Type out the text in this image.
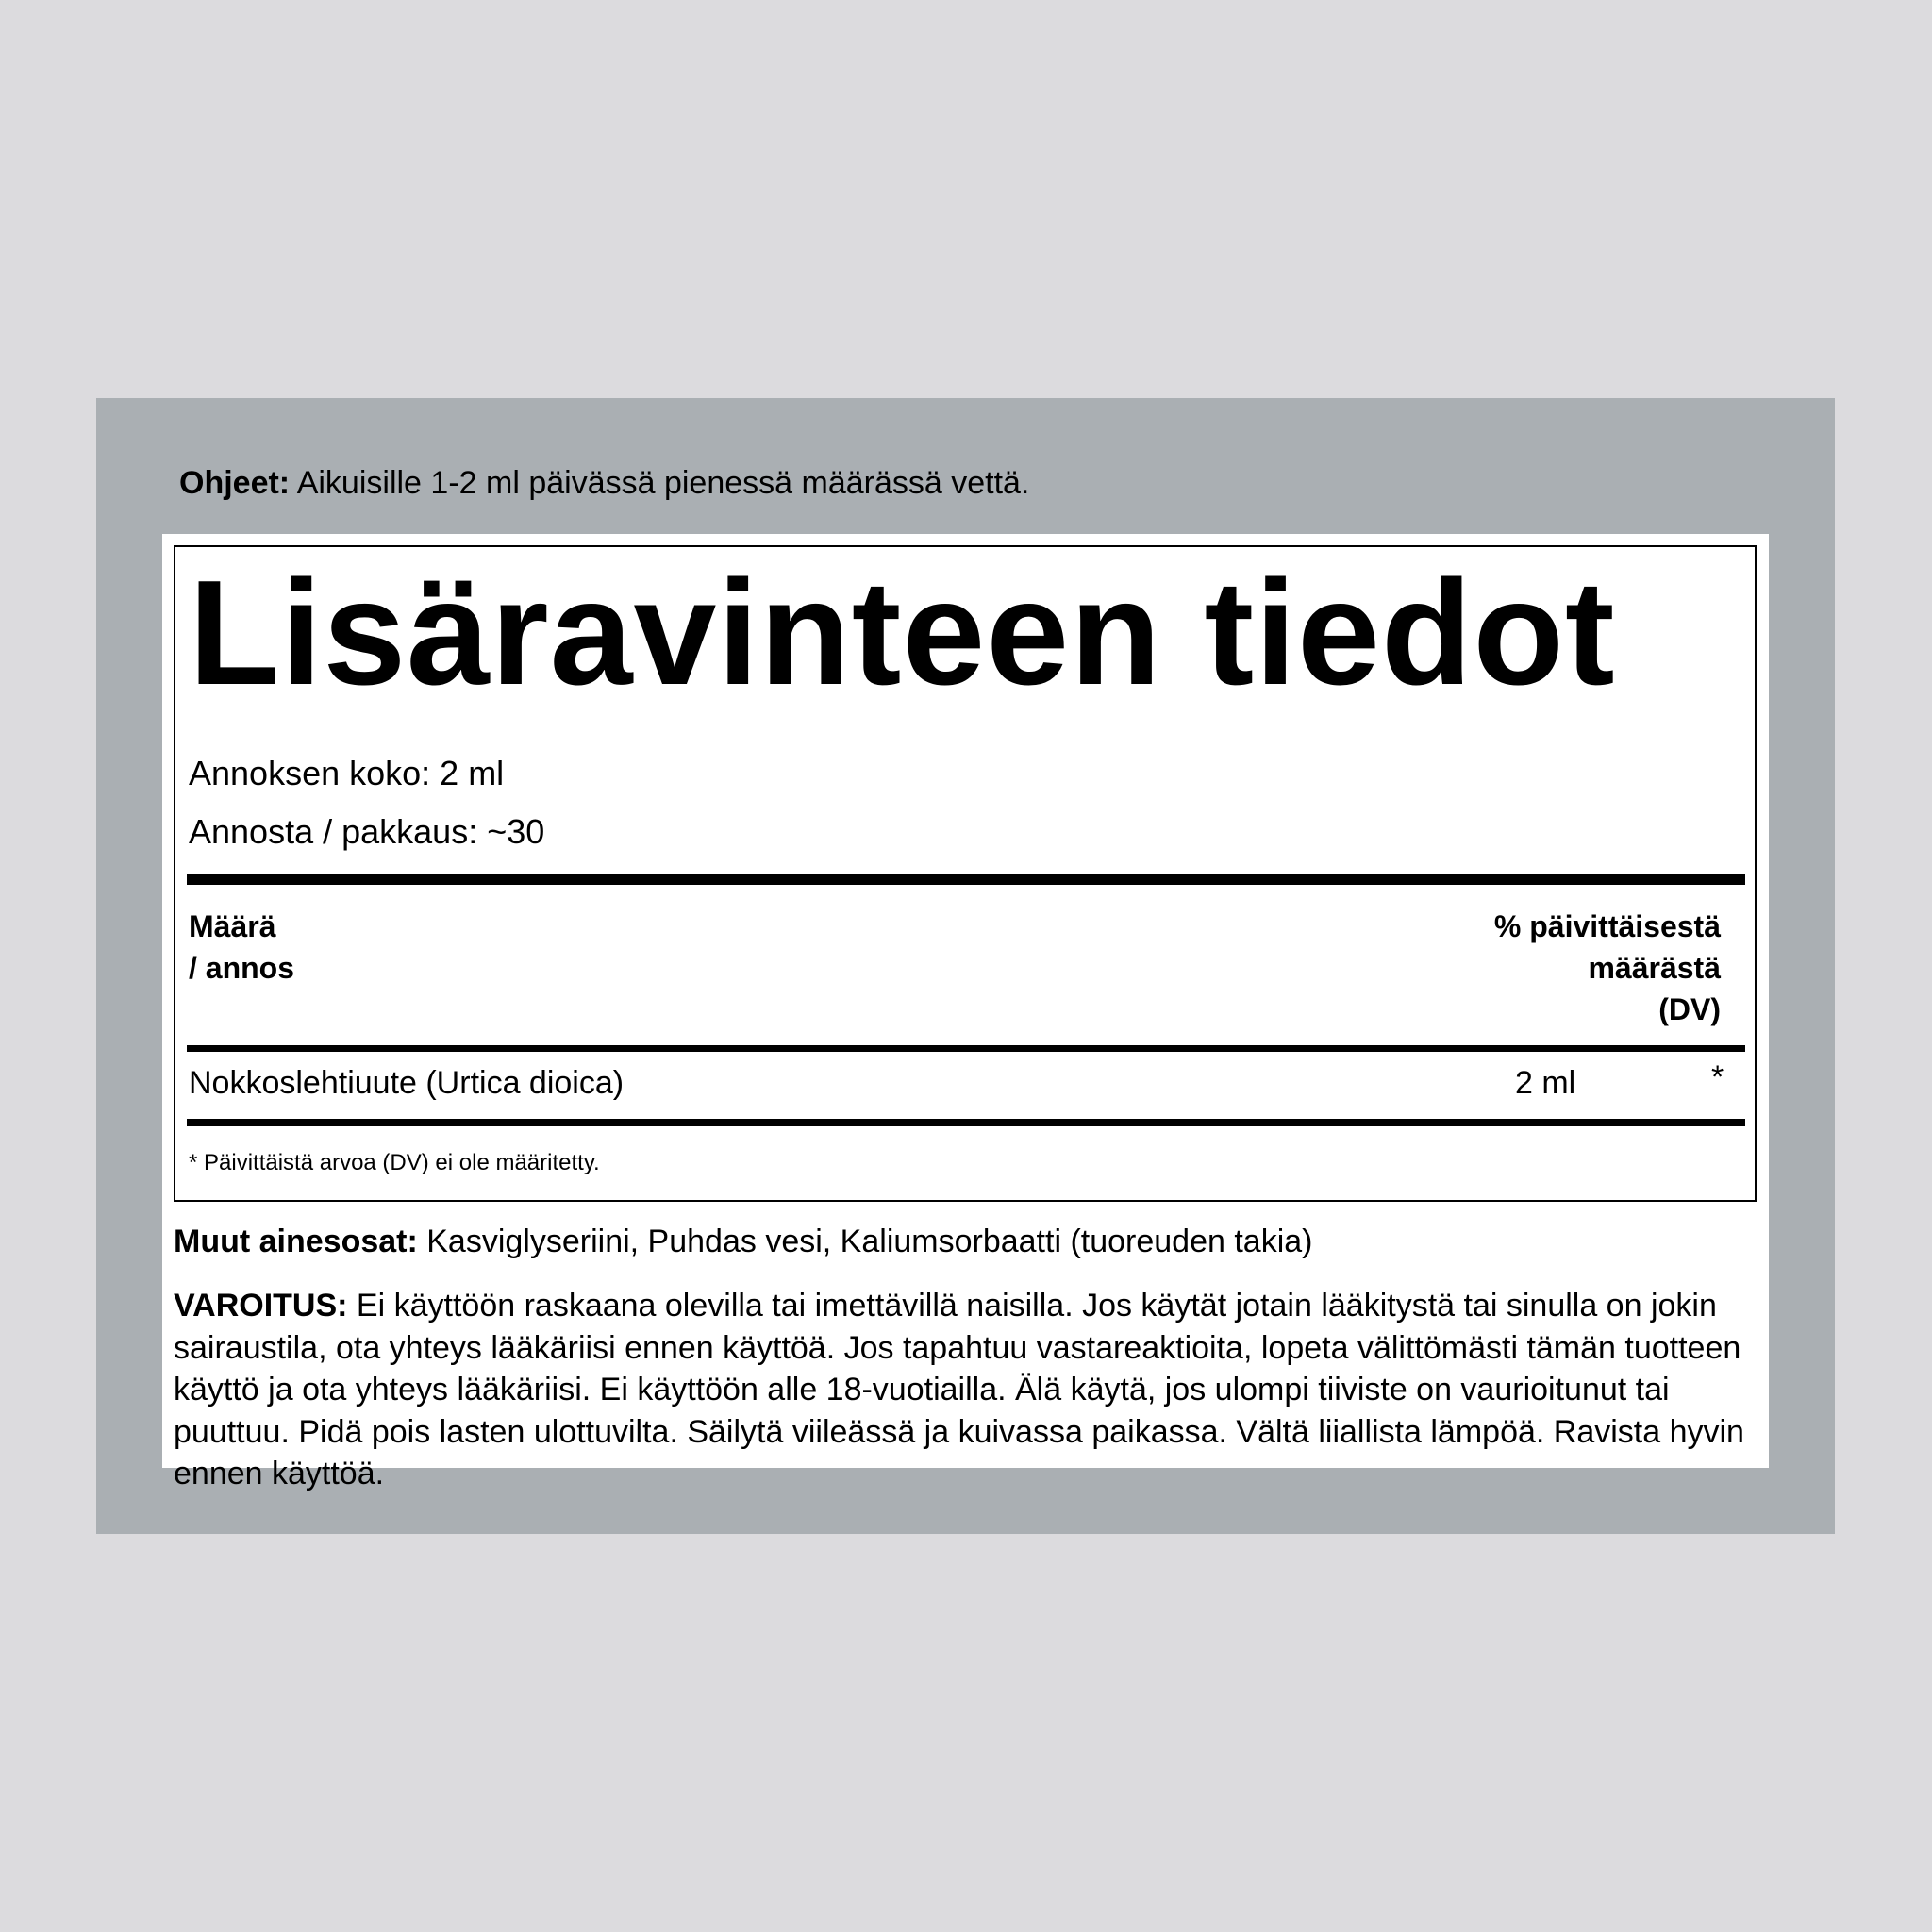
Ohjeet: Aikuisille 1-2 ml päivässä pienessä määrässä vettä.
Lisäravinteen tiedot
Annoksen koko: 2 ml
Annosta / pakkaus: ~30
Määrä
/ annos
% päivittäisestä
määrästä
(DV)
Nokkoslehtiuute (Urtica dioica)	2 ml	*
* Päivittäistä arvoa (DV) ei ole määritetty.
Muut ainesosat: Kasviglyseriini, Puhdas vesi, Kaliumsorbaatti (tuoreuden takia)
VAROITUS: Ei käyttöön raskaana olevilla tai imettävillä naisilla. Jos käytät jotain lääkitystä tai sinulla on jokin sairaustila, ota yhteys lääkäriisi ennen käyttöä. Jos tapahtuu vastareaktioita, lopeta välittömästi tämän tuotteen käyttö ja ota yhteys lääkäriisi. Ei käyttöön alle 18-vuotiailla. Älä käytä, jos ulompi tiiviste on vaurioitunut tai puuttuu. Pidä pois lasten ulottuvilta. Säilytä viileässä ja kuivassa paikassa. Vältä liiallista lämpöä. Ravista hyvin ennen käyttöä.
